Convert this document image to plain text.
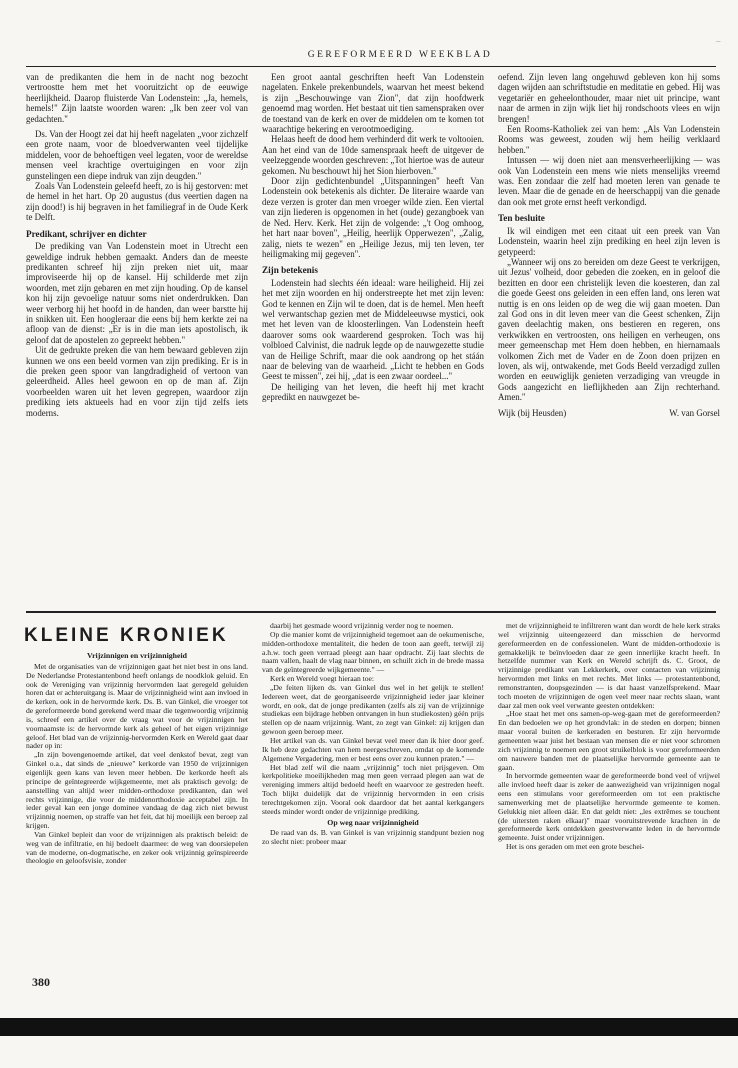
–
GEREFORMEERD WEEKBLAD

van de predikanten die hem in de nacht nog bezocht vertroostte hem met het vooruitzicht op de eeuwige heerlijkheid. Daarop fluisterde Van Lodenstein: „Ja, hemels, hemels!" Zijn laatste woorden waren: „Ik ben zeer vol van gedachten."

Ds. Van der Hoogt zei dat hij heeft nagelaten „voor zichzelf een grote naam, voor de bloedverwanten veel tijdelijke middelen, voor de behoeftigen veel legaten, voor de wereldse mensen veel krachtige overtuigingen en voor zijn gunstelingen een diepe indruk van zijn deugden."

Zoals Van Lodenstein geleefd heeft, zo is hij gestorven: met de hemel in het hart. Op 20 augustus (dus veertien dagen na zijn dood!) is hij begraven in het familiegraf in de Oude Kerk te Delft.

Predikant, schrijver en dichter

De prediking van Van Lodenstein moet in Utrecht een geweldige indruk hebben gemaakt. Anders dan de meeste predikanten schreef hij zijn preken niet uit, maar improviseerde hij op de kansel. Hij schilderde met zijn woorden, met zijn gebaren en met zijn houding. Op de kansel kon hij zijn gevoelige natuur soms niet onderdrukken. Dan weer verborg hij het hoofd in de handen, dan weer barstte hij in snikken uit. Een hoogleraar die eens bij hem kerkte zei na afloop van de dienst: „Er is in die man iets apostolisch, ik geloof dat de apostelen zo gepreekt hebben."

Uit de gedrukte preken die van hem bewaard gebleven zijn kunnen we ons een beeld vormen van zijn prediking. Er is in die preken geen spoor van langdradigheid of vertoon van geleerdheid. Alles heel gewoon en op de man af. Zijn voorbeelden waren uit het leven gegrepen, waardoor zijn prediking iets aktueels had en voor zijn tijd zelfs iets moderns.

Een groot aantal geschriften heeft Van Lodenstein nagelaten. Enkele prekenbundels, waarvan het meest bekend is zijn „Beschouwinge van Zion", dat zijn hoofdwerk genoemd mag worden. Het bestaat uit tien samenspraken over de toestand van de kerk en over de middelen om te komen tot waarachtige bekering en verootmoediging.

Helaas heeft de dood hem verhinderd dit werk te voltooien. Aan het eind van de 10de samenspraak heeft de uitgever de veelzeggende woorden geschreven: „Tot hiertoe was de auteur gekomen. Nu beschouwt hij het Sion hierboven."

Door zijn gedichtenbundel „Uitspanningen" heeft Van Lodenstein ook betekenis als dichter. De literaire waarde van deze verzen is groter dan men vroeger wilde zien. Een viertal van zijn liederen is opgenomen in het (oude) gezangboek van de Ned. Herv. Kerk. Het zijn de volgende: „'t Oog omhoog, het hart naar boven", „Heilig, heerlijk Opperwezen", „Zalig, zalig, niets te wezen" en „Heilige Jezus, mij ten leven, ter heiligmaking mij gegeven".

Zijn betekenis

Lodenstein had slechts één ideaal: ware heiligheid. Hij zei het met zijn woorden en hij onderstreepte het met zijn leven: God te kennen en Zijn wil te doen, dat is de hemel. Men heeft wel verwantschap gezien met de Middeleeuwse mystici, ook met het leven van de kloosterlingen. Van Lodenstein heeft daarover soms ook waarderend gesproken. Toch was hij volbloed Calvinist, die nadruk legde op de nauwgezette studie van de Heilige Schrift, maar die ook aandrong op het stáán naar de beleving van de waarheid. „Licht te hebben en Gods Geest te missen", zei hij, „dat is een zwaar oordeel..."

De heiliging van het leven, die heeft hij met kracht gepredikt en nauwgezet be-

oefend. Zijn leven lang ongehuwd gebleven kon hij soms dagen wijden aan schriftstudie en meditatie en gebed. Hij was vegetariër en geheelonthouder, maar niet uit principe, want naar de armen in zijn wijk liet hij rondschoots vlees en wijn brengen!

Een Rooms-Katholiek zei van hem: „Als Van Lodenstein Rooms was geweest, zouden wij hem heilig verklaard hebben."

Intussen — wij doen niet aan mensverheerlijking — was ook Van Lodenstein een mens wie niets menselijks vreemd was. Een zondaar die zelf had moeten leren van genade te leven. Maar die de genade en de heerschappij van die genade dan ook met grote ernst heeft verkondigd.

Ten besluite

Ik wil eindigen met een citaat uit een preek van Van Lodenstein, waarin heel zijn prediking en heel zijn leven is getypeerd:

„Wanneer wij ons zo bereiden om deze Geest te verkrijgen, uit Jezus' volheid, door gebeden die zoeken, en in geloof die bezitten en door een christelijk leven die koesteren, dan zal die goede Geest ons geleiden in een effen land, ons leren wat nuttig is en ons leiden op de weg die wij gaan moeten. Dan zal God ons in dit leven meer van die Geest schenken, Zijn gaven deelachtig maken, ons bestieren en regeren, ons verkwikken en vertroosten, ons heiligen en verheugen, ons meer gemeenschap met Hem doen hebben, en hiernamaals volkomen Zich met de Vader en de Zoon doen prijzen en loven, als wij, ontwakende, met Gods Beeld verzadigd zullen worden en eeuwiglijk genieten verzadiging van vreugde in Gods aangezicht en lieflijkheden aan Zijn rechterhand. Amen."

Wijk (bij Heusden)	W. van Gorsel
KLEINE KRONIEK
Vrijzinnigen en vrijzinnigheid

Met de organisaties van de vrijzinnigen gaat het niet best in ons land. De Nederlandse Protestantenbond heeft onlangs de noodklok geluid. En ook de Vereniging van vrijzinnig hervormden laat geregeld geluiden horen dat er achteruitgang is. Maar de vrijzinnigheid wint aan invloed in de kerken, ook in de hervormde kerk. Ds. B. van Ginkel, die vroeger tot de gereformeerde bond gerekend werd maar die tegenwoordig vrijzinnig is, schreef een artikel over de vraag wat voor de vrijzinnigen het voornaamste is: de hervormde kerk als geheel of het eigen vrijzinnige geloof. Het blad van de vrijzinnig-hervormden Kerk en Wereld gaat daar nader op in:

„In zijn bovengenoemde artikel, dat veel denkstof bevat, zegt van Ginkel o.a., dat sinds de „nieuwe" kerkorde van 1950 de vrijzinnigen eigenlijk geen kans van leven meer hebben. De kerkorde heeft als principe de geïntegreerde wijkgemeente, met als praktisch gevolg: de aanstelling van altijd weer midden-orthodoxe predikanten, dan wel rechts vrijzinnige, die voor de middenorthodoxie acceptabel zijn. In ieder geval kan een jonge dominee vandaag de dag zich niet bewust vrijzinnig noemen, op straffe van het feit, dat hij moeilijk een beroep zal krijgen.

Van Ginkel bepleit dan voor de vrijzinnigen als praktisch beleid: de weg van de infiltratie, en hij bedoelt daarmee: de weg van doorsiepelen van de moderne, on-dogmatische, en zeker ook vrijzinnig geïnspireerde theologie en geloofsvisie, zonder

daarbij het gesmade woord vrijzinnig verder nog te noemen.

Op die manier komt de vrijzinnigheid tegemoet aan de oekumenische, midden-orthodoxe mentaliteit, die heden de toon aan geeft, terwijl zij a.h.w. toch geen verraad pleegt aan haar opdracht. Zij laat slechts de naam vallen, haalt de vlag naar binnen, en schuilt zich in de brede massa van de geïntegreerde wijkgemeente." —

Kerk en Wereld voegt hieraan toe:

„De feiten lijken ds. van Ginkel dus wel in het gelijk te stellen! Iedereen weet, dat de georganiseerde vrijzinnigheid ieder jaar kleiner wordt, en ook, dat de jonge predikanten (zelfs als zij van de vrijzinnige studiekas een bijdrage hebben ontvangen in hun studiekosten) géén prijs stellen op de naam vrijzinnig. Want, zo zegt van Ginkel: zij krijgen dan gewoon geen beroep meer.

Het artikel van ds. van Ginkel bevat veel meer dan ik hier door geef. Ik heb deze gedachten van hem neergeschreven, omdat op de komende Algemene Vergadering, men er best eens over zou kunnen praten." —

Het blad zelf wil die naam „vrijzinnig" toch niet prijsgeven. Om kerkpolitieke moeilijkheden mag men geen verraad plegen aan wat de vereniging immers altijd bedoeld heeft en waarvoor ze gestreden heeft. Toch blijkt duidelijk dat de vrijzinnig hervormden in een crisis terechtgekomen zijn. Vooral ook daardoor dat het aantal kerkgangers steeds minder wordt onder de vrijzinnige prediking.

Op weg naar vrijzinnigheid

De raad van ds. B. van Ginkel is van vrijzinnig standpunt bezien nog zo slecht niet: probeer maar

met de vrijzinnigheid te infiltreren want dan wordt de hele kerk straks wel vrijzinnig uiteengezeerd dan misschien de hervormd gereformeerden en de confessionelen. Want de midden-orthodoxie is gemakkelijk te beïnvloeden daar ze geen innerlijke kracht heeft. In hetzelfde nummer van Kerk en Wereld schrijft ds. C. Groot, de vrijzinnige predikant van Lekkerkerk, over contacten van vrijzinnig hervormden met links en met rechts. Met links — protestantenbond, remonstranten, doopsgezinden — is dat haast vanzelfsprekend. Maar toch moeten de vrijzinnigen de ogen veel meer naar rechts slaan, want daar zal men ook veel verwante geesten ontdekken:

„Hoe staat het met ons samen-op-weg-gaan met de gereformeerden? En dan bedoelen we op het grondvlak: in de steden en dorpen; binnen maar vooral buiten de kerkeraden en besturen. Er zijn hervormde gemeenten waar juist het bestaan van mensen die er niet voor schromen zich vrijzinnig te noemen een groot struikelblok is voor gereformeerden om nauwere banden met de plaatselijke hervormde gemeente aan te gaan.

In hervormde gemeenten waar de gereformeerde bond veel of vrijwel alle invloed heeft daar is zeker de aanwezigheid van vrijzinnigen nogal eens een stimulans voor gereformeerden om tot een praktische samenwerking met de plaatselijke hervormde gemeente te komen. Gelukkig niet alleen dáár. En dat geldt niet: „les extrêmes se touchent (de uitersten raken elkaar)" maar vooruitstrevende krachten in de gereformeerde kerk ontdekken geestverwante leden in de hervormde gemeente. Juist onder vrijzinnigen.

Het is ons geraden om met een grote beschei-

380
